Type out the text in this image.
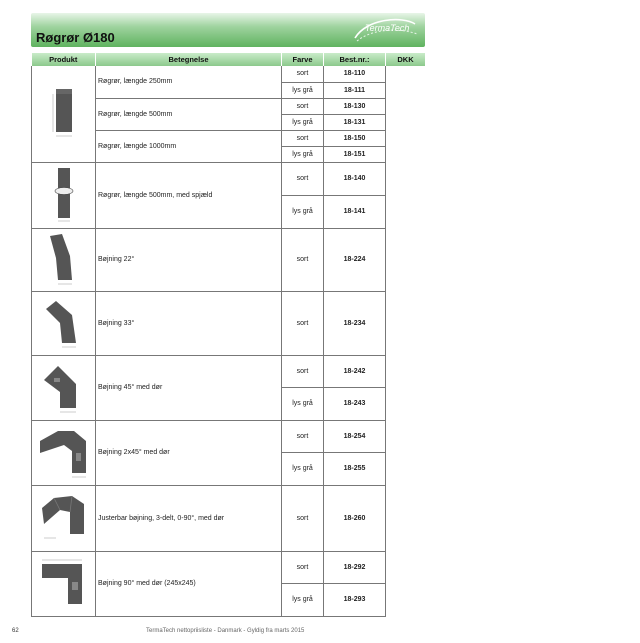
Røgrør Ø180
TermaTech
Produkt	Betegnelse	Farve	Best.nr.:	DKK
	Røgrør, længde 250mm	sort	18-110	
		lys grå	18-111	
	Røgrør, længde 500mm	sort	18-130	
		lys grå	18-131	
	Røgrør, længde 1000mm	sort	18-150	
		lys grå	18-151	
	Røgrør, længde 500mm, med spjæld	sort	18-140	
		lys grå	18-141	
	Bøjning 22°	sort	18-224	
	Bøjning 33°	sort	18-234	
	Bøjning 45° med dør	sort	18-242	
		lys grå	18-243	
	Bøjning 2x45° med dør	sort	18-254	
		lys grå	18-255	
	Justerbar bøjning, 3-delt, 0-90°, med dør	sort	18-260	
	Bøjning 90° med dør (245x245)	sort	18-292	
		lys grå	18-293	
62	TermaTech nettopriisliste - Danmark - Gyldig fra marts 2015
